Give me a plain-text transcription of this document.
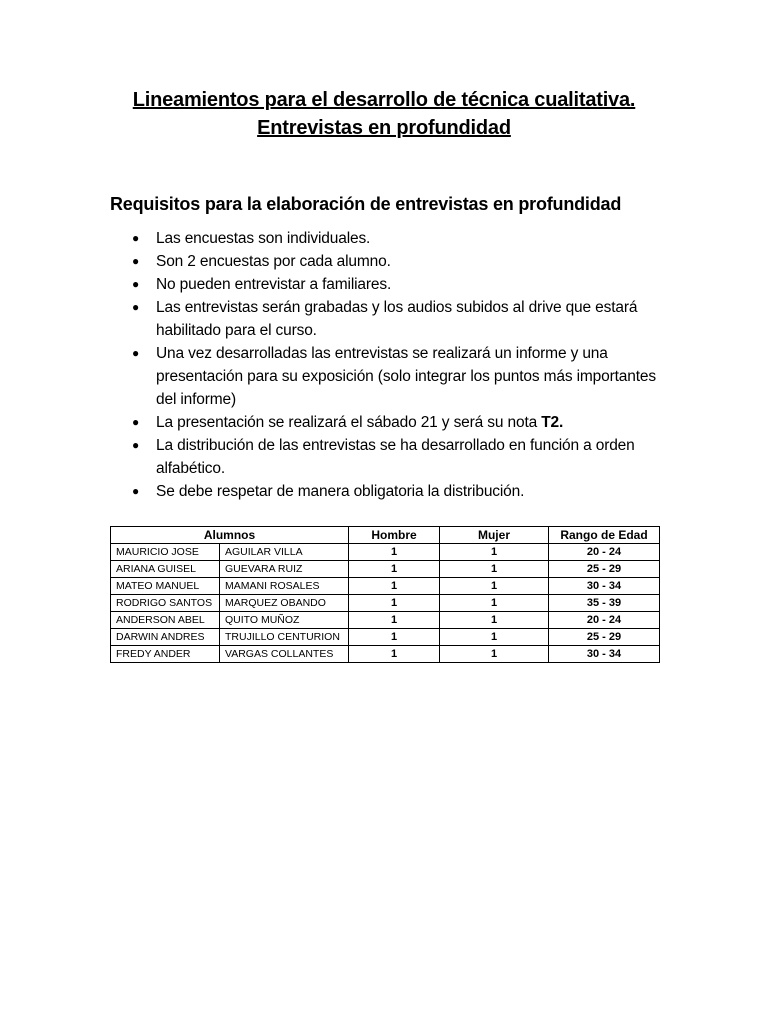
Lineamientos para el desarrollo de técnica cualitativa.
Entrevistas en profundidad
Requisitos para la elaboración de entrevistas en profundidad
● Las encuestas son individuales.
● Son 2 encuestas por cada alumno.
● No pueden entrevistar a familiares.
● Las entrevistas serán grabadas y los audios subidos al drive que estará habilitado para el curso.
● Una vez desarrolladas las entrevistas se realizará un informe y una presentación para su exposición (solo integrar los puntos más importantes del informe)
● La presentación se realizará el sábado 21 y será su nota T2.
● La distribución de las entrevistas se ha desarrollado en función a orden alfabético.
● Se debe respetar de manera obligatoria la distribución.
Alumnos		Hombre	Mujer	Rango de Edad
MAURICIO JOSE	AGUILAR VILLA	1	1	20 - 24
ARIANA GUISEL	GUEVARA RUIZ	1	1	25 - 29
MATEO MANUEL	MAMANI ROSALES	1	1	30 - 34
RODRIGO SANTOS	MARQUEZ OBANDO	1	1	35 - 39
ANDERSON ABEL	QUITO MUÑOZ	1	1	20 - 24
DARWIN ANDRES	TRUJILLO CENTURION	1	1	25 - 29
FREDY ANDER	VARGAS COLLANTES	1	1	30 - 34
